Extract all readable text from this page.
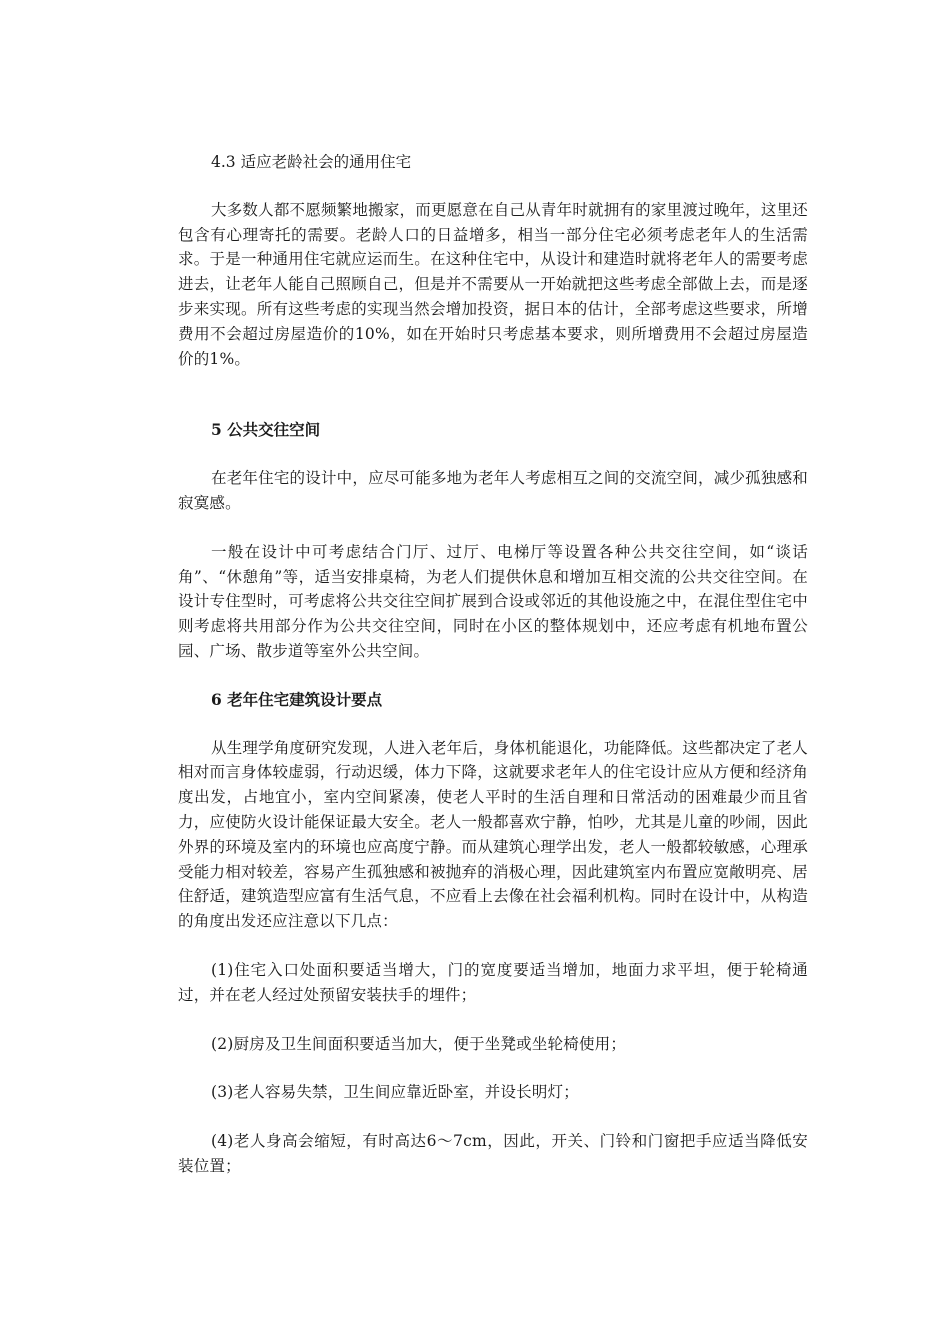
4.3 适应老龄社会的通用住宅

大多数人都不愿频繁地搬家，而更愿意在自己从青年时就拥有的家里渡过晚年，这里还包含有心理寄托的需要。老龄人口的日益增多，相当一部分住宅必须考虑老年人的生活需求。于是一种通用住宅就应运而生。在这种住宅中，从设计和建造时就将老年人的需要考虑进去，让老年人能自己照顾自己，但是并不需要从一开始就把这些考虑全部做上去，而是逐步来实现。所有这些考虑的实现当然会增加投资，据日本的估计，全部考虑这些要求，所增费用不会超过房屋造价的10%，如在开始时只考虑基本要求，则所增费用不会超过房屋造价的1%。

5 公共交往空间

在老年住宅的设计中，应尽可能多地为老年人考虑相互之间的交流空间，减少孤独感和寂寞感。

一般在设计中可考虑结合门厅、过厅、电梯厅等设置各种公共交往空间，如“谈话角”、“休憩角”等，适当安排桌椅，为老人们提供休息和增加互相交流的公共交往空间。在设计专住型时，可考虑将公共交往空间扩展到合设或邻近的其他设施之中，在混住型住宅中则考虑将共用部分作为公共交往空间，同时在小区的整体规划中，还应考虑有机地布置公园、广场、散步道等室外公共空间。

6 老年住宅建筑设计要点

从生理学角度研究发现，人进入老年后，身体机能退化，功能降低。这些都决定了老人相对而言身体较虚弱，行动迟缓，体力下降，这就要求老年人的住宅设计应从方便和经济角度出发，占地宜小，室内空间紧凑，使老人平时的生活自理和日常活动的困难最少而且省力，应使防火设计能保证最大安全。老人一般都喜欢宁静，怕吵，尤其是儿童的吵闹，因此外界的环境及室内的环境也应高度宁静。而从建筑心理学出发，老人一般都较敏感，心理承受能力相对较差，容易产生孤独感和被抛弃的消极心理，因此建筑室内布置应宽敞明亮、居住舒适，建筑造型应富有生活气息，不应看上去像在社会福利机构。同时在设计中，从构造的角度出发还应注意以下几点：

(1)住宅入口处面积要适当增大，门的宽度要适当增加，地面力求平坦，便于轮椅通过，并在老人经过处预留安装扶手的埋件；

(2)厨房及卫生间面积要适当加大，便于坐凳或坐轮椅使用；

(3)老人容易失禁，卫生间应靠近卧室，并设长明灯；

(4)老人身高会缩短，有时高达6～7cm，因此，开关、门铃和门窗把手应适当降低安装位置；
